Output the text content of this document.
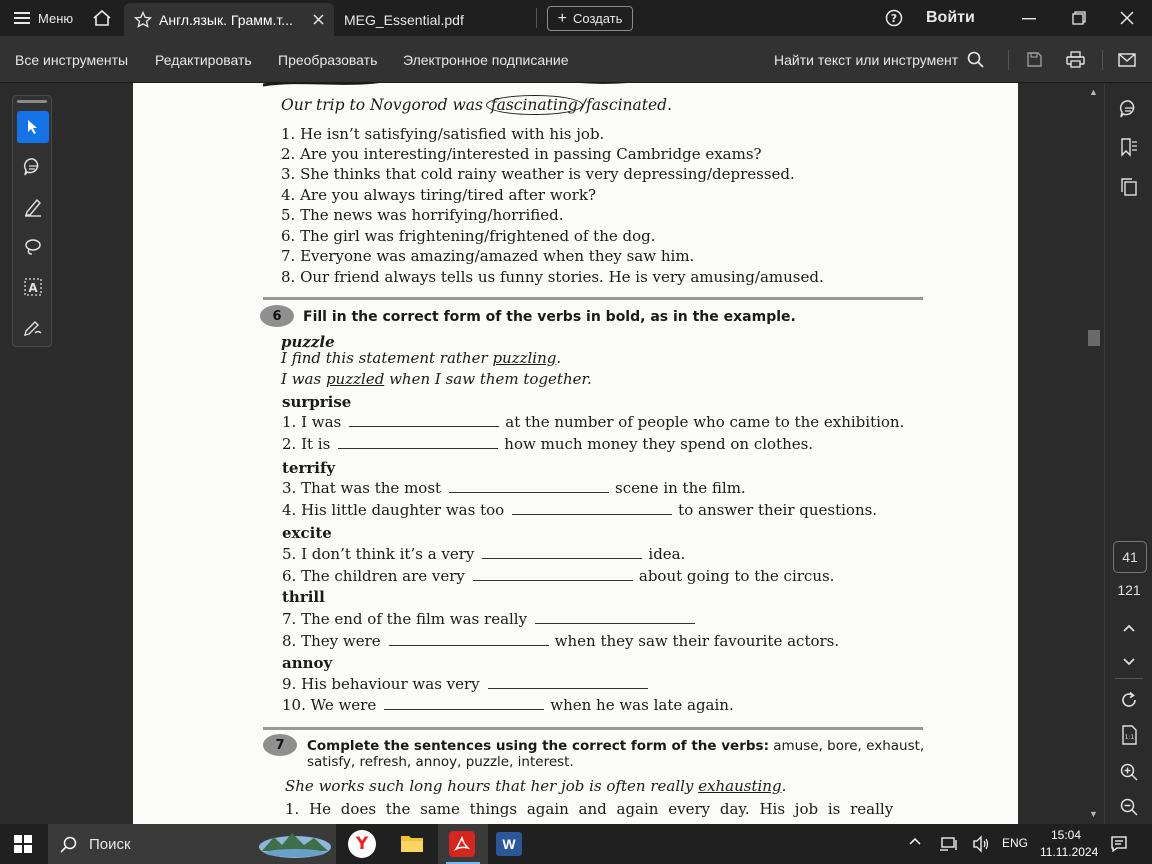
Меню	Англ.язык. Грамм.т...	MEG_Essential.pdf	+ Создать	? Войти
Все инструменты Редактировать Преобразовать Электронное подписание	Найти текст или инструмент
A
Our trip to Novgorod was fascinating /fascinated.
6	Fill in the correct form of the verbs in bold, as in the example.
puzzle
I find this statement rather puzzling.
I was puzzled when I saw them together.
7	Complete the sentences using the correct form of the verbs: amuse, bore, exhaust,
satisfy, refresh, annoy, puzzle, interest.
She works such long hours that her job is often really exhausting.
1. He does the same things again and again every day. His job is really
1. He isn’t satisfying/satisfied with his job.
2. Are you interesting/interested in passing Cambridge exams?
3. She thinks that cold rainy weather is very depressing/depressed.
4. Are you always tiring/tired after work?
5. The news was horrifying/horrified.
6. The girl was frightening/frightened of the dog.
7. Everyone was amazing/amazed when they saw him.
8. Our friend always tells us funny stories. He is very amusing/amused.
surprise
terrify
excite
thrill
annoy
1. I was	at the number of people who came to the exhibition.
2. It is	how much money they spend on clothes.
3. That was the most	scene in the film.
4. His little daughter was too	to answer their questions.
5. I don’t think it’s a very	idea.
6. The children are very	about going to the circus.
7. The end of the film was really
8. They were	when they saw their favourite actors.
9. His behaviour was very
10. We were	when he was late again.
▲
▼
41
121
1:1
Поиск	Y	W	ENG
15:04
11.11.2024
